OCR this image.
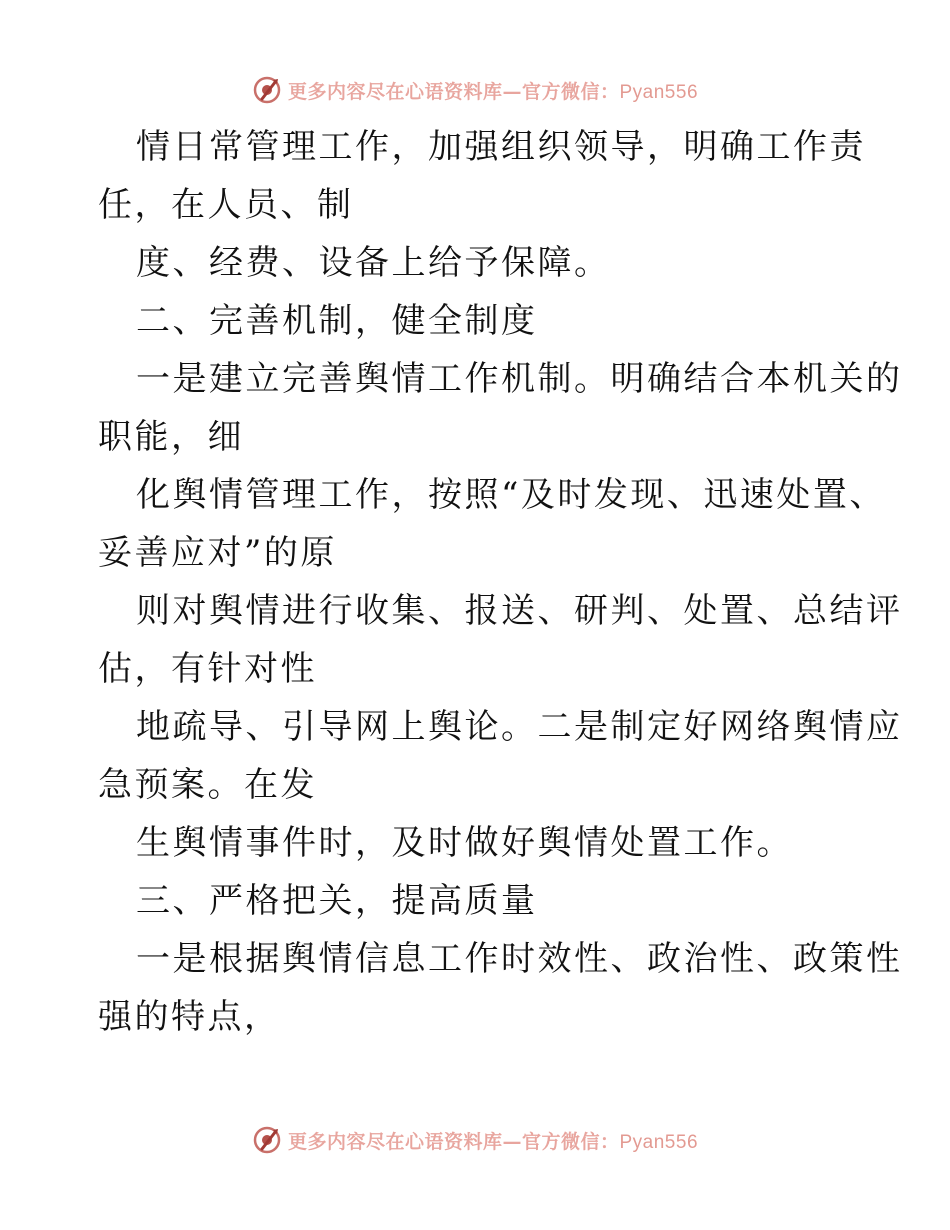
更多内容尽在心语资料库—官方微信：Pyan556
情日常管理工作，加强组织领导，明确工作责
任，在人员、制
度、经费、设备上给予保障。
二、完善机制，健全制度
一是建立完善舆情工作机制。明确结合本机关的
职能，细
化舆情管理工作，按照“及时发现、迅速处置、
妥善应对”的原
则对舆情进行收集、报送、研判、处置、总结评
估，有针对性
地疏导、引导网上舆论。二是制定好网络舆情应
急预案。在发
生舆情事件时，及时做好舆情处置工作。
三、严格把关，提高质量
一是根据舆情信息工作时效性、政治性、政策性
强的特点，
更多内容尽在心语资料库—官方微信：Pyan556
